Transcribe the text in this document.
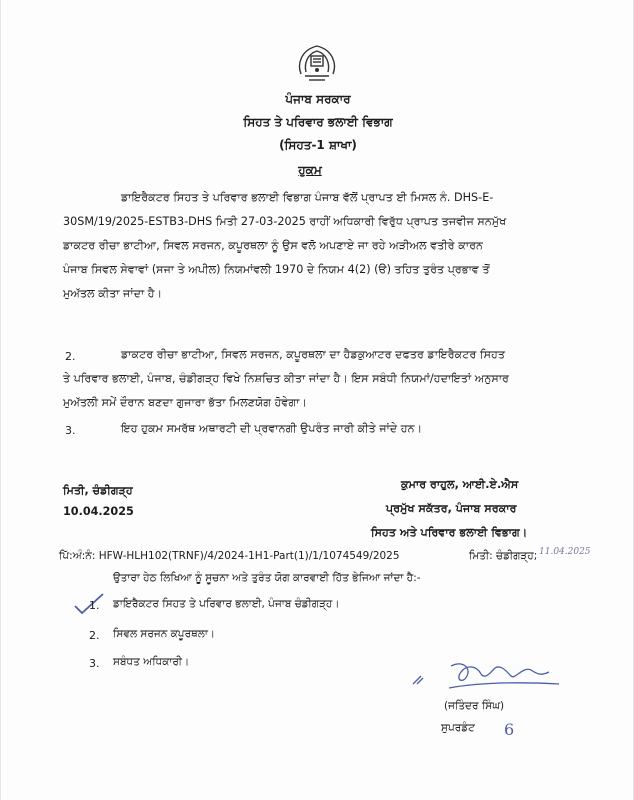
ਪੰਜਾਬ ਸਰਕਾਰ
ਸਿਹਤ ਤੇ ਪਰਿਵਾਰ ਭਲਾਈ ਵਿਭਾਗ
(ਸਿਹਤ-1 ਸ਼ਾਖਾ)
ਹੁਕਮ
ਡਾਇਰੈਕਟਰ ਸਿਹਤ ਤੇ ਪਰਿਵਾਰ ਭਲਾਈ ਵਿਭਾਗ ਪੰਜਾਬ ਵੱਲੋਂ ਪ੍ਰਾਪਤ ਈ ਮਿਸਲ ਨੰ. DHS-E-
30SM/19/2025-ESTB3-DHS ਮਿਤੀ 27-03-2025 ਰਾਹੀਂ ਅਧਿਕਾਰੀ ਵਿਰੁੱਧ ਪ੍ਰਾਪਤ ਤਜਵੀਜ ਸਨਮੁੱਖ
ਡਾਕਟਰ ਰੀਚਾ ਭਾਟੀਆ, ਸਿਵਲ ਸਰਜਨ, ਕਪੂਰਥਲਾ ਨੂੰ ਉਸ ਵਲੋ ਅਪਣਾਏ ਜਾ ਰਹੇ ਅੜੀਅਲ ਵਤੀਰੇ ਕਾਰਨ
ਪੰਜਾਬ ਸਿਵਲ ਸੇਵਾਵਾਂ (ਸਜਾ ਤੇ ਅਪੀਲ) ਨਿਯਮਾਂਵਲੀ 1970 ਦੇ ਨਿਯਮ 4(2) (ੳ) ਤਹਿਤ ਤੁਰੰਤ ਪ੍ਰਭਾਵ ਤੋਂ
ਮੁਅੱਤਲ ਕੀਤਾ ਜਾਂਦਾ ਹੈ।
2.	ਡਾਕਟਰ ਰੀਚਾ ਭਾਟੀਆ, ਸਿਵਲ ਸਰਜਨ, ਕਪੂਰਥਲਾ ਦਾ ਹੈਡਕੁਆਟਰ ਦਫਤਰ ਡਾਇਰੈਕਟਰ ਸਿਹਤ
ਤੇ ਪਰਿਵਾਰ ਭਲਾਈ, ਪੰਜਾਬ, ਚੰਡੀਗੜ੍ਹ ਵਿਖੇ ਨਿਸ਼ਚਿਤ ਕੀਤਾ ਜਾਂਦਾ ਹੈ। ਇਸ ਸਬੰਧੀ ਨਿਯਮਾਂ/ਹਦਾਇਤਾਂ ਅਨੁਸਾਰ
ਮੁਅੱਤਲੀ ਸਮੇਂ ਦੌਰਾਨ ਬਣਦਾ ਗੁਜਾਰਾ ਭੱਤਾ ਮਿਲਣਯੋਗ ਹੋਵੇਗਾ।
3.	ਇਹ ਹੁਕਮ ਸਮਰੱਥ ਅਥਾਰਟੀ ਦੀ ਪ੍ਰਵਾਨਗੀ ਉਪਰੰਤ ਜਾਰੀ ਕੀਤੇ ਜਾਂਦੇ ਹਨ।
ਮਿਤੀ, ਚੰਡੀਗੜ੍ਹ
10.04.2025
ਕੁਮਾਰ ਰਾਹੁਲ, ਆਈ.ਏ.ਐਸ
ਪ੍ਰਮੁੱਖ ਸਕੱਤਰ, ਪੰਜਾਬ ਸਰਕਾਰ
ਸਿਹਤ ਅਤੇ ਪਰਿਵਾਰ ਭਲਾਈ ਵਿਭਾਗ।
ਪਿੱ:ਅੰ:ਨੰ: HFW-HLH102(TRNF)/4/2024-1H1-Part(1)/1/1074549/2025	ਮਿਤੀ: ਚੰਡੀਗੜ੍ਹ; 11.04.2025
ਉਤਾਰਾ ਹੇਠ ਲਿਖਿਆ ਨੂੰ ਸੂਚਨਾ ਅਤੇ ਤੁਰੰਤ ਯੋਗ ਕਾਰਵਾਈ ਹਿੱਤ ਭੇਜਿਆ ਜਾਂਦਾ ਹੈ:-
1. ਡਾਇਰੈਕਟਰ ਸਿਹਤ ਤੇ ਪਰਿਵਾਰ ਭਲਾਈ, ਪੰਜਾਬ ਚੰਡੀਗੜ੍ਹ।
2. ਸਿਵਲ ਸਰਜਨ ਕਪੂਰਥਲਾ।
3. ਸਬੰਧਤ ਅਧਿਕਾਰੀ।
(ਜਤਿੰਦਰ ਸਿੰਘ)
ਸੁਪਰਡੰਟ 6
